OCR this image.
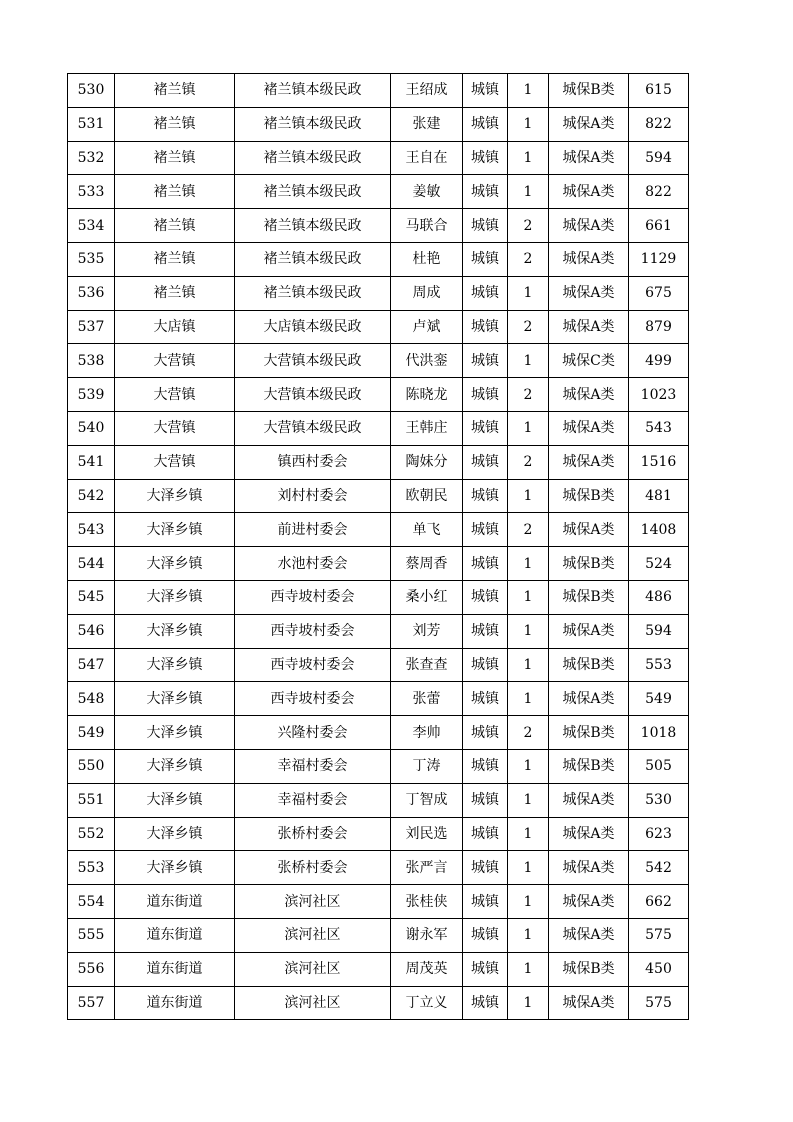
530	褚兰镇	褚兰镇本级民政	王绍成	城镇	1	城保B类	615
531	褚兰镇	褚兰镇本级民政	张建	城镇	1	城保A类	822
532	褚兰镇	褚兰镇本级民政	王自在	城镇	1	城保A类	594
533	褚兰镇	褚兰镇本级民政	姜敏	城镇	1	城保A类	822
534	褚兰镇	褚兰镇本级民政	马联合	城镇	2	城保A类	661
535	褚兰镇	褚兰镇本级民政	杜艳	城镇	2	城保A类	1129
536	褚兰镇	褚兰镇本级民政	周成	城镇	1	城保A类	675
537	大店镇	大店镇本级民政	卢斌	城镇	2	城保A类	879
538	大营镇	大营镇本级民政	代洪銮	城镇	1	城保C类	499
539	大营镇	大营镇本级民政	陈晓龙	城镇	2	城保A类	1023
540	大营镇	大营镇本级民政	王韩庄	城镇	1	城保A类	543
541	大营镇	镇西村委会	陶妹分	城镇	2	城保A类	1516
542	大泽乡镇	刘村村委会	欧朝民	城镇	1	城保B类	481
543	大泽乡镇	前进村委会	单飞	城镇	2	城保A类	1408
544	大泽乡镇	水池村委会	蔡周香	城镇	1	城保B类	524
545	大泽乡镇	西寺坡村委会	桑小红	城镇	1	城保B类	486
546	大泽乡镇	西寺坡村委会	刘芳	城镇	1	城保A类	594
547	大泽乡镇	西寺坡村委会	张查查	城镇	1	城保B类	553
548	大泽乡镇	西寺坡村委会	张蕾	城镇	1	城保A类	549
549	大泽乡镇	兴隆村委会	李帅	城镇	2	城保B类	1018
550	大泽乡镇	幸福村委会	丁涛	城镇	1	城保B类	505
551	大泽乡镇	幸福村委会	丁智成	城镇	1	城保A类	530
552	大泽乡镇	张桥村委会	刘民选	城镇	1	城保A类	623
553	大泽乡镇	张桥村委会	张严言	城镇	1	城保A类	542
554	道东街道	滨河社区	张桂侠	城镇	1	城保A类	662
555	道东街道	滨河社区	谢永军	城镇	1	城保A类	575
556	道东街道	滨河社区	周茂英	城镇	1	城保B类	450
557	道东街道	滨河社区	丁立义	城镇	1	城保A类	575
